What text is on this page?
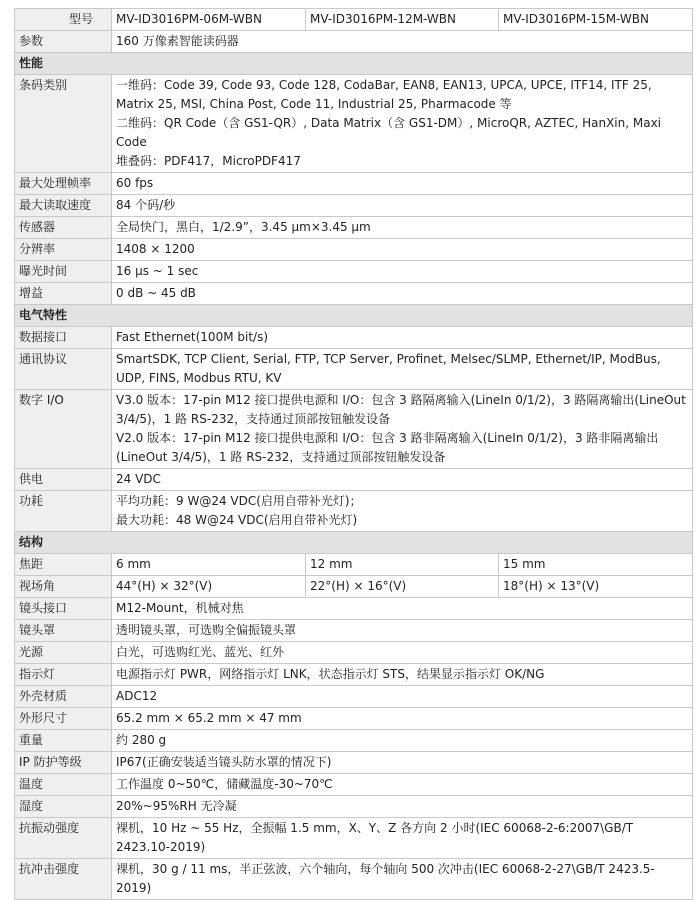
型号	MV-ID3016PM-06M-WBN	MV-ID3016PM-12M-WBN	MV-ID3016PM-15M-WBN
参数	160 万像素智能读码器		
性能			
条码类别	一维码：Code 39, Code 93, Code 128, CodaBar, EAN8, EAN13, UPCA, UPCE, ITF14, ITF 25, Matrix 25, MSI, China Post, Code 11, Industrial 25, Pharmacode 等
二维码：QR Code（含 GS1-QR）, Data Matrix（含 GS1-DM）, MicroQR, AZTEC, HanXin, Maxi Code
堆叠码：PDF417，MicroPDF417		

最大处理帧率	60 fps		
最大读取速度	84 个码/秒		
传感器	全局快门，黑白，1/2.9”，3.45 μm×3.45 μm		
分辨率	1408 × 1200		
曝光时间	16 μs ~ 1 sec		
增益	0 dB ~ 45 dB		
电气特性			
数据接口	Fast Ethernet(100M bit/s)		
通讯协议	SmartSDK, TCP Client, Serial, FTP, TCP Server, Profinet, Melsec/SLMP, Ethernet/IP, ModBus, UDP, FINS, Modbus RTU, KV		
数字 I/O	V3.0 版本：17-pin M12 接口提供电源和 I/O：包含 3 路隔离输入(LineIn 0/1/2)，3 路隔离输出(LineOut 3/4/5)，1 路 RS-232，支持通过顶部按钮触发设备
V2.0 版本：17-pin M12 接口提供电源和 I/O：包含 3 路非隔离输入(LineIn 0/1/2)，3 路非隔离输出(LineOut 3/4/5)，1 路 RS-232，支持通过顶部按钮触发设备		

供电	24 VDC		
功耗	平均功耗：9 W@24 VDC(启用自带补光灯)；
最大功耗：48 W@24 VDC(启用自带补光灯)		

结构			
焦距	6 mm	12 mm	15 mm
视场角	44°(H) × 32°(V)	22°(H) × 16°(V)	18°(H) × 13°(V)
镜头接口	M12-Mount，机械对焦		
镜头罩	透明镜头罩，可选购全偏振镜头罩		
光源	白光，可选购红光、蓝光、红外		
指示灯	电源指示灯 PWR，网络指示灯 LNK，状态指示灯 STS，结果显示指示灯 OK/NG		
外壳材质	ADC12		
外形尺寸	65.2 mm × 65.2 mm × 47 mm		
重量	约 280 g		
IP 防护等级	IP67(正确安装适当镜头防水罩的情况下)		
温度	工作温度 0~50℃，储藏温度-30~70℃		
湿度	20%~95%RH 无冷凝		
抗振动强度	裸机，10 Hz ~ 55 Hz，全振幅 1.5 mm，X、Y、Z 各方向 2 小时(IEC 60068-2-6:2007\GB/T 2423.10-2019)		
抗冲击强度	裸机，30 g / 11 ms，半正弦波，六个轴向，每个轴向 500 次冲击(IEC 60068-2-27\GB/T 2423.5-2019)		
